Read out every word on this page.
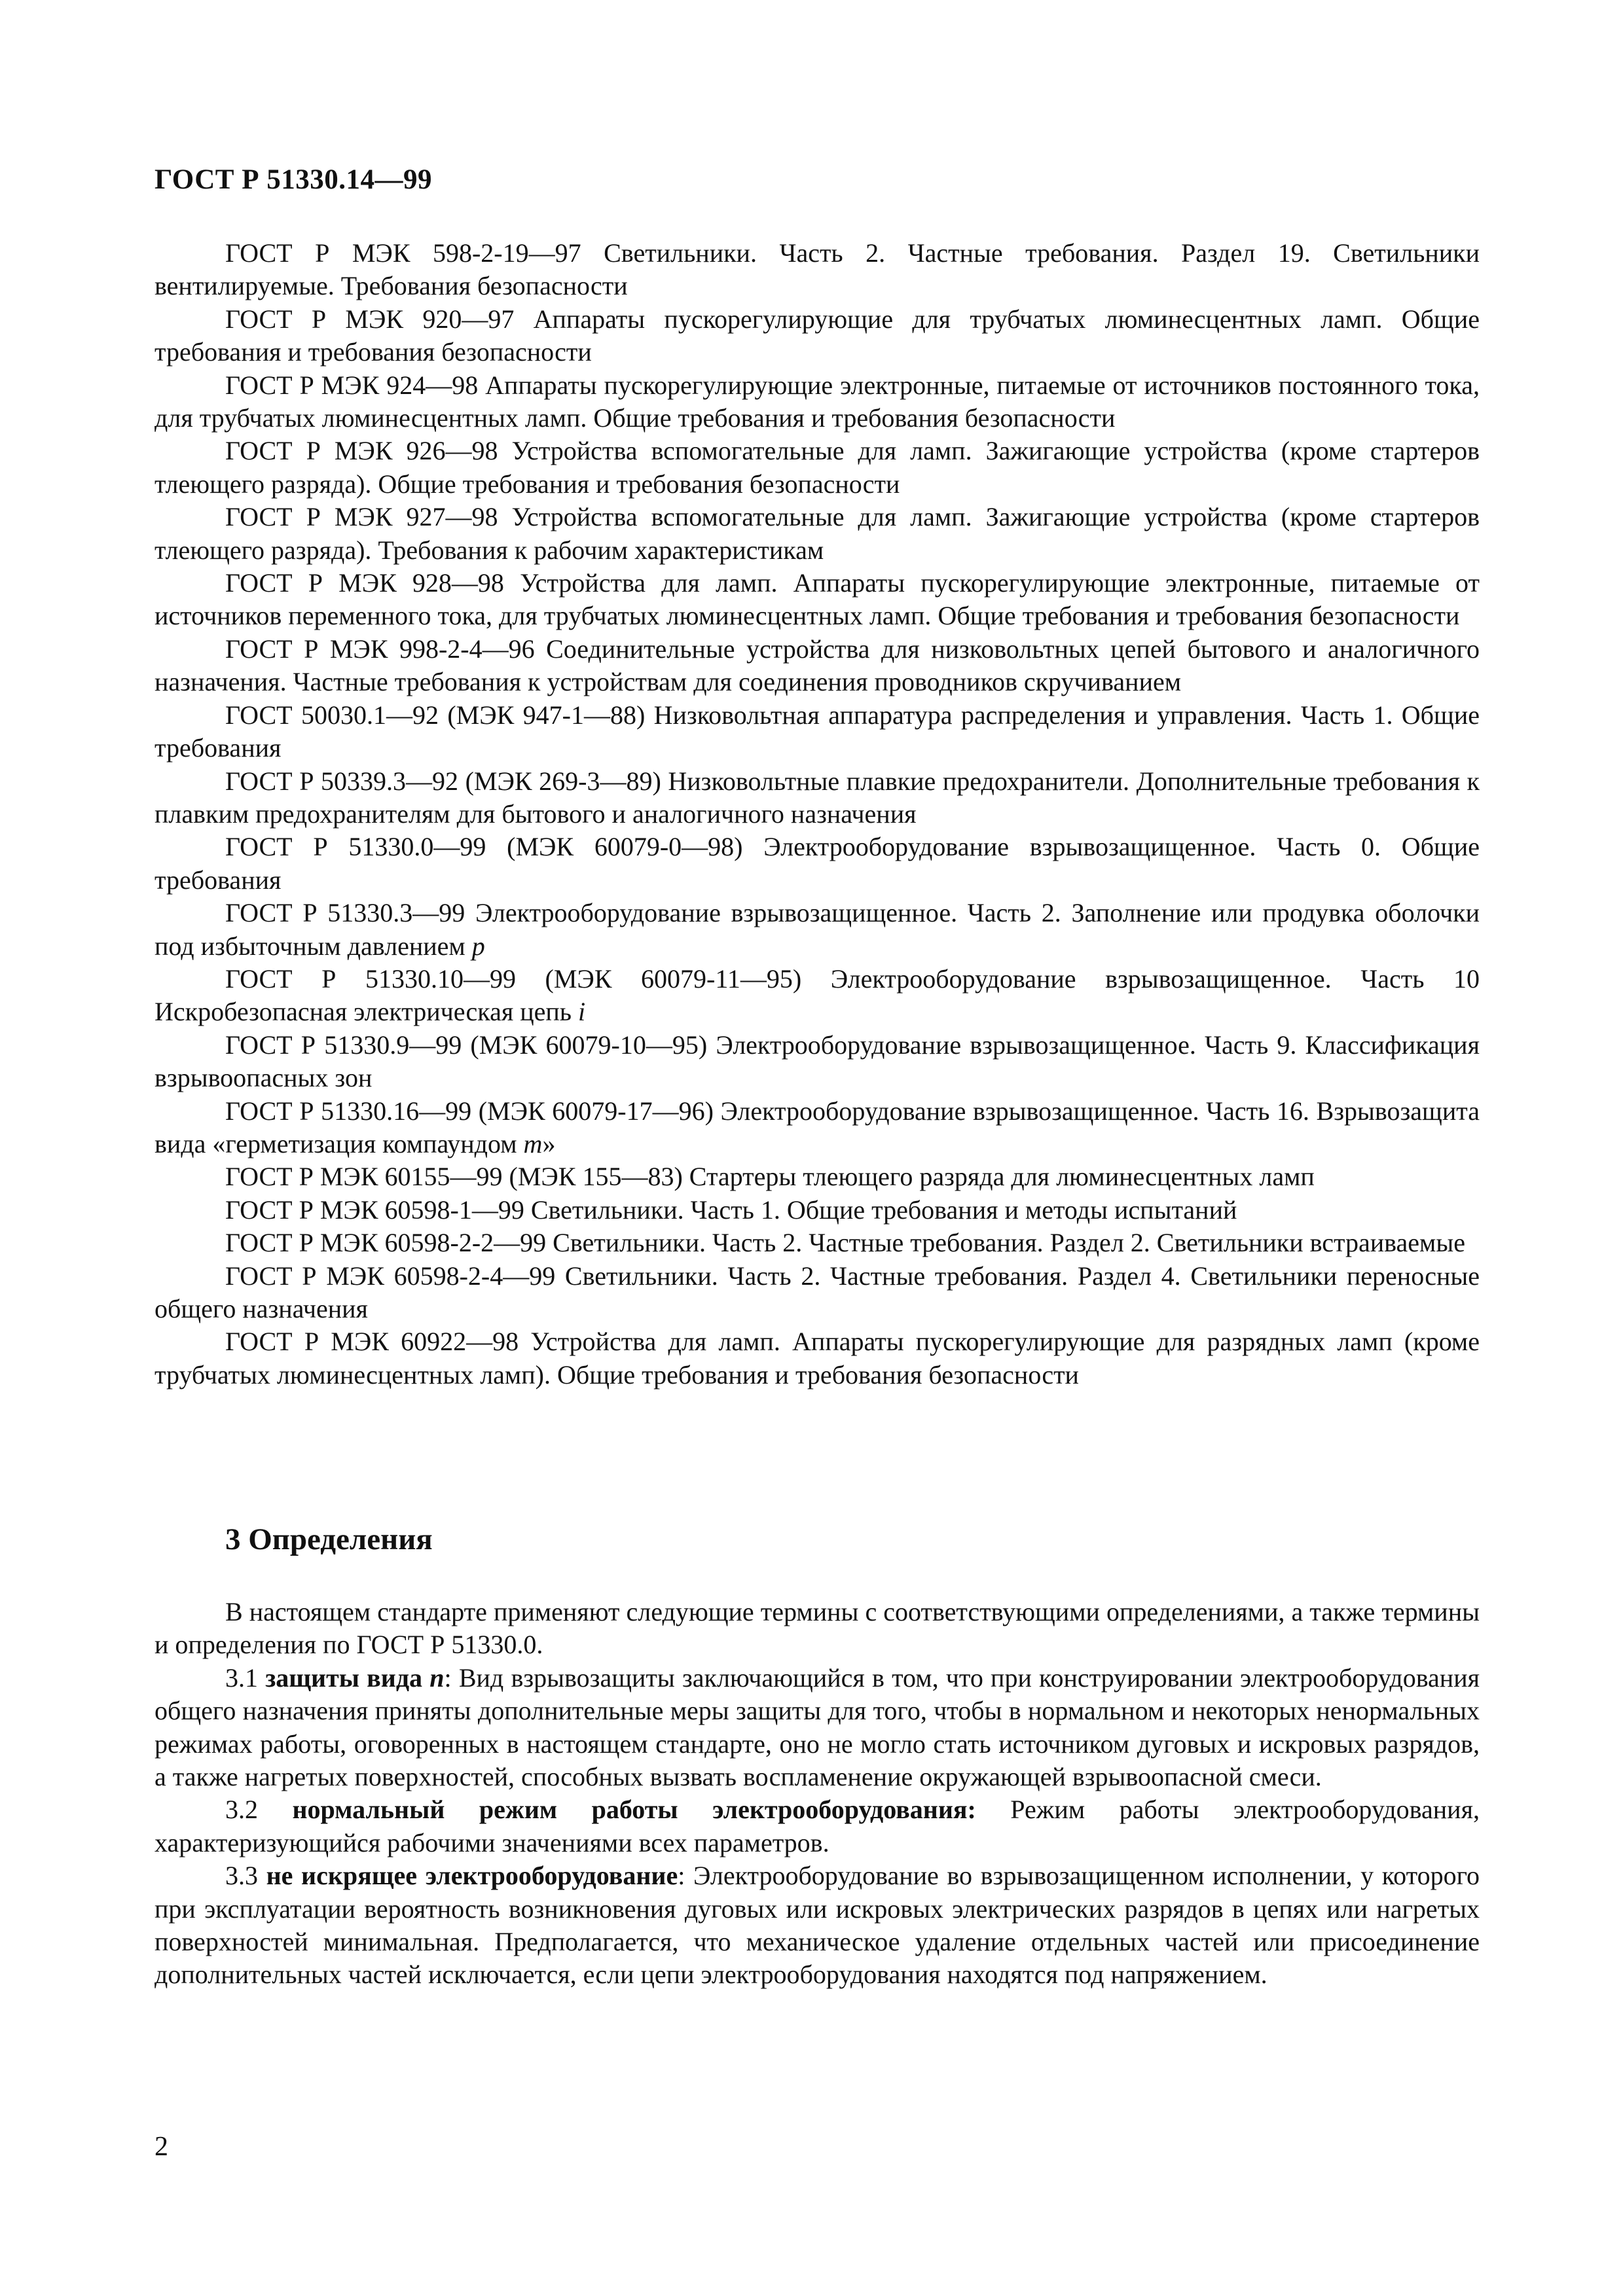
ГОСТ Р 51330.14—99

ГОСТ Р МЭК 598-2-19—97 Светильники. Часть 2. Частные требования. Раздел 19. Светильники вентилируемые. Требования безопасности

ГОСТ Р МЭК 920—97 Аппараты пускорегулирующие для трубчатых люминесцентных ламп. Общие требования и требования безопасности

ГОСТ Р МЭК 924—98 Аппараты пускорегулирующие электронные, питаемые от источников постоянного тока, для трубчатых люминесцентных ламп. Общие требования и требования безопасности

ГОСТ Р МЭК 926—98 Устройства вспомогательные для ламп. Зажигающие устройства (кроме стартеров тлеющего разряда). Общие требования и требования безопасности

ГОСТ Р МЭК 927—98 Устройства вспомогательные для ламп. Зажигающие устройства (кроме стартеров тлеющего разряда). Требования к рабочим характеристикам

ГОСТ Р МЭК 928—98 Устройства для ламп. Аппараты пускорегулирующие электронные, питаемые от источников переменного тока, для трубчатых люминесцентных ламп. Общие требования и требования безопасности

ГОСТ Р МЭК 998-2-4—96 Соединительные устройства для низковольтных цепей бытового и аналогичного назначения. Частные требования к устройствам для соединения проводников скручиванием

ГОСТ 50030.1—92 (МЭК 947-1—88) Низковольтная аппаратура распределения и управления. Часть 1. Общие требования

ГОСТ Р 50339.3—92 (МЭК 269-3—89) Низковольтные плавкие предохранители. Дополнительные требования к плавким предохранителям для бытового и аналогичного назначения

ГОСТ Р 51330.0—99 (МЭК 60079-0—98) Электрооборудование взрывозащищенное. Часть 0. Общие требования

ГОСТ Р 51330.3—99 Электрооборудование взрывозащищенное. Часть 2. Заполнение или продувка оболочки под избыточным давлением p

ГОСТ Р 51330.10—99 (МЭК 60079-11—95) Электрооборудование взрывозащищенное. Часть 10 Искробезопасная электрическая цепь i

ГОСТ Р 51330.9—99 (МЭК 60079-10—95) Электрооборудование взрывозащищенное. Часть 9. Классификация взрывоопасных зон

ГОСТ Р 51330.16—99 (МЭК 60079-17—96) Электрооборудование взрывозащищенное. Часть 16. Взрывозащита вида «герметизация компаундом m»

ГОСТ Р МЭК 60155—99 (МЭК 155—83) Стартеры тлеющего разряда для люминесцентных ламп

ГОСТ Р МЭК 60598-1—99 Светильники. Часть 1. Общие требования и методы испытаний

ГОСТ Р МЭК 60598-2-2—99 Светильники. Часть 2. Частные требования. Раздел 2. Светильники встраиваемые

ГОСТ Р МЭК 60598-2-4—99 Светильники. Часть 2. Частные требования. Раздел 4. Светильники переносные общего назначения

ГОСТ Р МЭК 60922—98 Устройства для ламп. Аппараты пускорегулирующие для разрядных ламп (кроме трубчатых люминесцентных ламп). Общие требования и требования безопасности

3 Определения

В настоящем стандарте применяют следующие термины с соответствующими определениями, а также термины и определения по ГОСТ Р 51330.0.

3.1 защиты вида n: Вид взрывозащиты заключающийся в том, что при конструировании электрооборудования общего назначения приняты дополнительные меры защиты для того, чтобы в нормальном и некоторых ненормальных режимах работы, оговоренных в настоящем стандарте, оно не могло стать источником дуговых и искровых разрядов, а также нагретых поверхностей, способных вызвать воспламенение окружающей взрывоопасной смеси.

3.2 нормальный режим работы электрооборудования: Режим работы электрооборудования, характеризующийся рабочими значениями всех параметров.

3.3 не искрящее электрооборудование: Электрооборудование во взрывозащищенном исполнении, у которого при эксплуатации вероятность возникновения дуговых или искровых электрических разрядов в цепях или нагретых поверхностей минимальная. Предполагается, что механическое удаление отдельных частей или присоединение дополнительных частей исключается, если цепи электрооборудования находятся под напряжением.

2
